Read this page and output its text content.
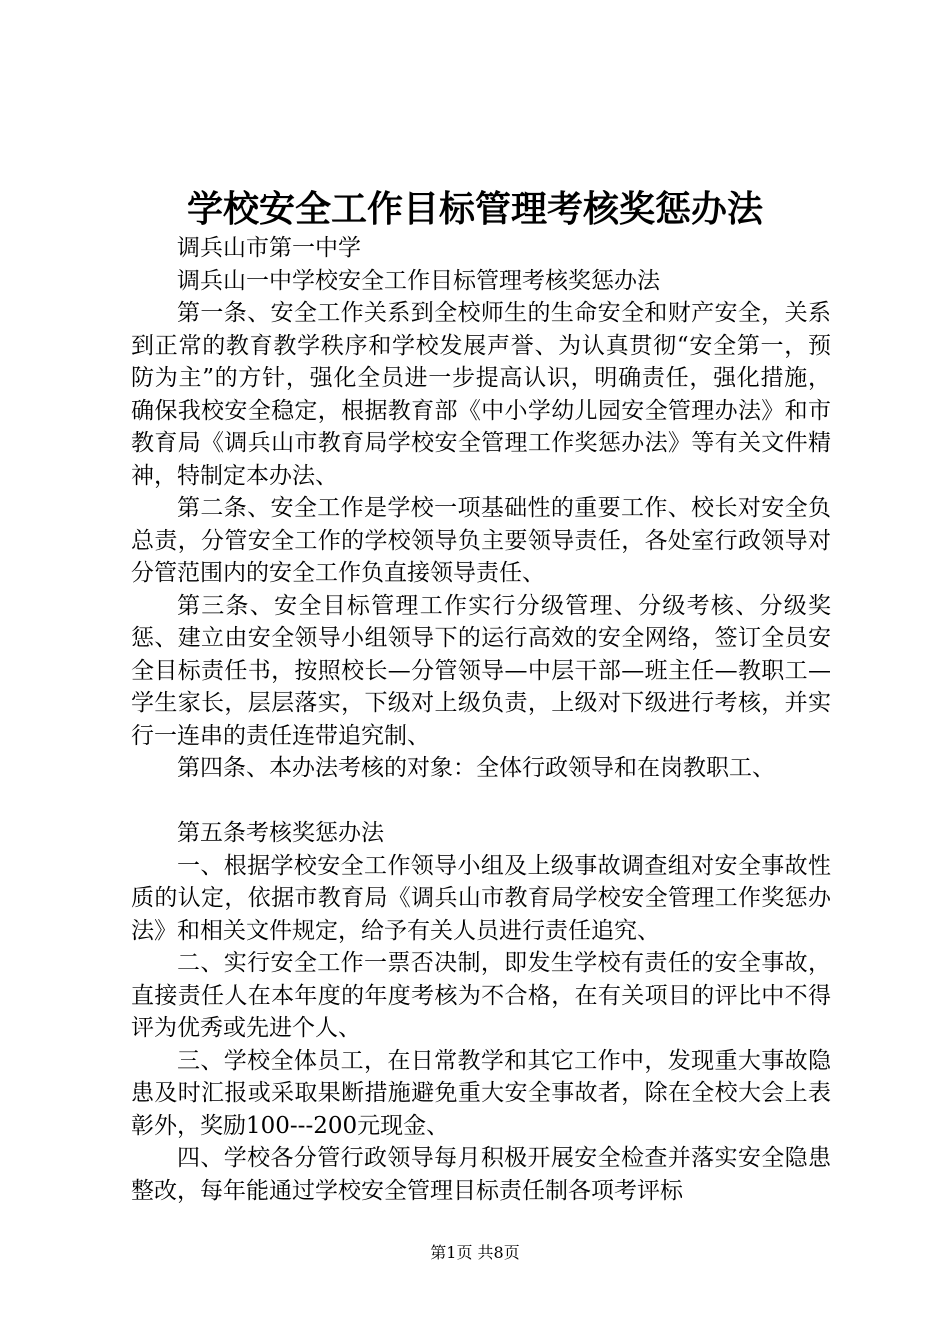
学校安全工作目标管理考核奖惩办法

调兵山市第一中学

调兵山一中学校安全工作目标管理考核奖惩办法

第一条、安全工作关系到全校师生的生命安全和财产安全，关系到正常的教育教学秩序和学校发展声誉、为认真贯彻“安全第一，预防为主”的方针，强化全员进一步提高认识，明确责任，强化措施，确保我校安全稳定，根据教育部《中小学幼儿园安全管理办法》和市教育局《调兵山市教育局学校安全管理工作奖惩办法》等有关文件精神，特制定本办法、

第二条、安全工作是学校一项基础性的重要工作、校长对安全负总责，分管安全工作的学校领导负主要领导责任，各处室行政领导对分管范围内的安全工作负直接领导责任、

第三条、安全目标管理工作实行分级管理、分级考核、分级奖惩、建立由安全领导小组领导下的运行高效的安全网络，签订全员安全目标责任书，按照校长—分管领导—中层干部—班主任—教职工—学生家长，层层落实，下级对上级负责，上级对下级进行考核，并实行一连串的责任连带追究制、

第四条、本办法考核的对象：全体行政领导和在岗教职工、

第五条考核奖惩办法

一、根据学校安全工作领导小组及上级事故调查组对安全事故性质的认定，依据市教育局《调兵山市教育局学校安全管理工作奖惩办法》和相关文件规定，给予有关人员进行责任追究、

二、实行安全工作一票否决制，即发生学校有责任的安全事故，直接责任人在本年度的年度考核为不合格，在有关项目的评比中不得评为优秀或先进个人、

三、学校全体员工，在日常教学和其它工作中，发现重大事故隐患及时汇报或采取果断措施避免重大安全事故者，除在全校大会上表彰外，奖励100---200元现金、

四、学校各分管行政领导每月积极开展安全检查并落实安全隐患整改，每年能通过学校安全管理目标责任制各项考评标

第1页 共8页
